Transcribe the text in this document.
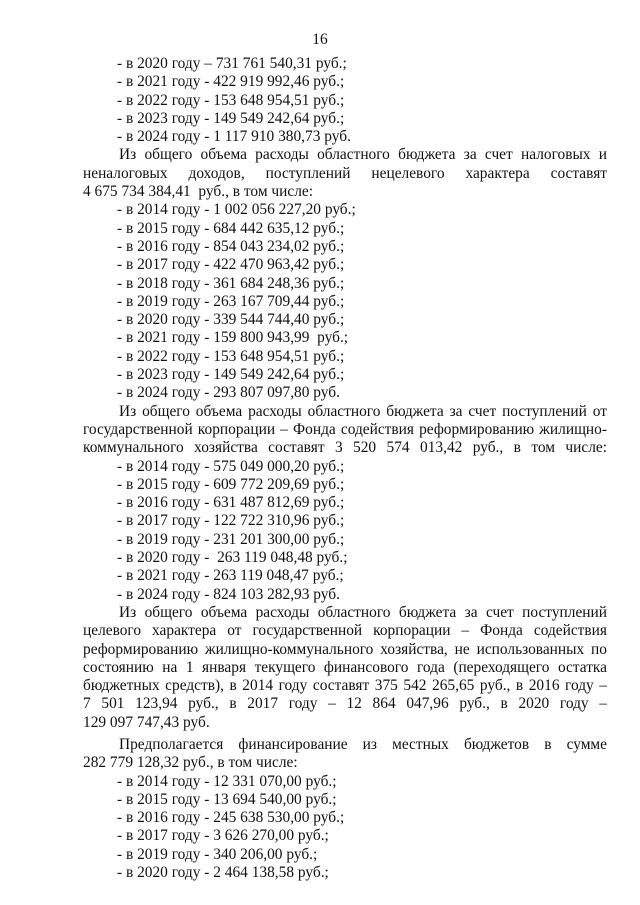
16
- в 2020 году – 731 761 540,31 руб.;
- в 2021 году - 422 919 992,46 руб.;
- в 2022 году - 153 648 954,51 руб.;
- в 2023 году - 149 549 242,64 руб.;
- в 2024 году - 1 117 910 380,73 руб.
Из общего объема расходы областного бюджета за счет налоговых и
неналоговых доходов, поступлений нецелевого характера составят
4 675 734 384,41  руб., в том числе:
- в 2014 году - 1 002 056 227,20 руб.;
- в 2015 году - 684 442 635,12 руб.;
- в 2016 году - 854 043 234,02 руб.;
- в 2017 году - 422 470 963,42 руб.;
- в 2018 году - 361 684 248,36 руб.;
- в 2019 году - 263 167 709,44 руб.;
- в 2020 году - 339 544 744,40 руб.;
- в 2021 году - 159 800 943,99  руб.;
- в 2022 году - 153 648 954,51 руб.;
- в 2023 году - 149 549 242,64 руб.;
- в 2024 году - 293 807 097,80 руб.
Из общего объема расходы областного бюджета за счет поступлений от
государственной корпорации – Фонда содействия реформированию жилищно-
коммунального хозяйства составят 3 520 574 013,42 руб., в том числе:
- в 2014 году - 575 049 000,20 руб.;
- в 2015 году - 609 772 209,69 руб.;
- в 2016 году - 631 487 812,69 руб.;
- в 2017 году - 122 722 310,96 руб.;
- в 2019 году - 231 201 300,00 руб.;
- в 2020 году -  263 119 048,48 руб.;
- в 2021 году - 263 119 048,47 руб.;
- в 2024 году - 824 103 282,93 руб.
Из общего объема расходы областного бюджета за счет поступлений
целевого характера от государственной корпорации – Фонда содействия
реформированию жилищно-коммунального хозяйства, не использованных по
состоянию на 1 января текущего финансового года (переходящего остатка
бюджетных средств), в 2014 году составят 375 542 265,65 руб., в 2016 году –
7 501 123,94 руб., в 2017 году – 12 864 047,96 руб., в 2020 году –
129 097 747,43 руб.
Предполагается финансирование из местных бюджетов в сумме
282 779 128,32 руб., в том числе:
- в 2014 году - 12 331 070,00 руб.;
- в 2015 году - 13 694 540,00 руб.;
- в 2016 году - 245 638 530,00 руб.;
- в 2017 году - 3 626 270,00 руб.;
- в 2019 году - 340 206,00 руб.;
- в 2020 году - 2 464 138,58 руб.;
